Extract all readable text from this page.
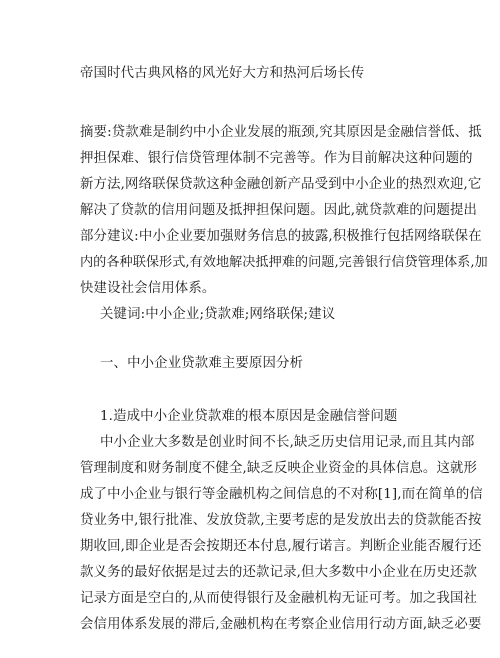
帝国时代古典风格的风光好大方和热河后场长传
摘要:贷款难是制约中小企业发展的瓶颈,究其原因是金融信誉低、抵
押担保难、银行信贷管理体制不完善等。作为目前解决这种问题的
新方法,网络联保贷款这种金融创新产品受到中小企业的热烈欢迎,它
解决了贷款的信用问题及抵押担保问题。因此,就贷款难的问题提出
部分建议:中小企业要加强财务信息的披露,积极推行包括网络联保在
内的各种联保形式,有效地解决抵押难的问题,完善银行信贷管理体系,加
快建设社会信用体系。
关键词:中小企业;贷款难;网络联保;建议
一、中小企业贷款难主要原因分析
1.造成中小企业贷款难的根本原因是金融信誉问题
中小企业大多数是创业时间不长,缺乏历史信用记录,而且其内部
管理制度和财务制度不健全,缺乏反映企业资金的具体信息。这就形
成了中小企业与银行等金融机构之间信息的不对称[1],而在简单的信
贷业务中,银行批准、发放贷款,主要考虑的是发放出去的贷款能否按
期收回,即企业是否会按期还本付息,履行诺言。判断企业能否履行还
款义务的最好依据是过去的还款记录,但大多数中小企业在历史还款
记录方面是空白的,从而使得银行及金融机构无证可考。加之我国社
会信用体系发展的滞后,金融机构在考察企业信用行动方面,缺乏必要
